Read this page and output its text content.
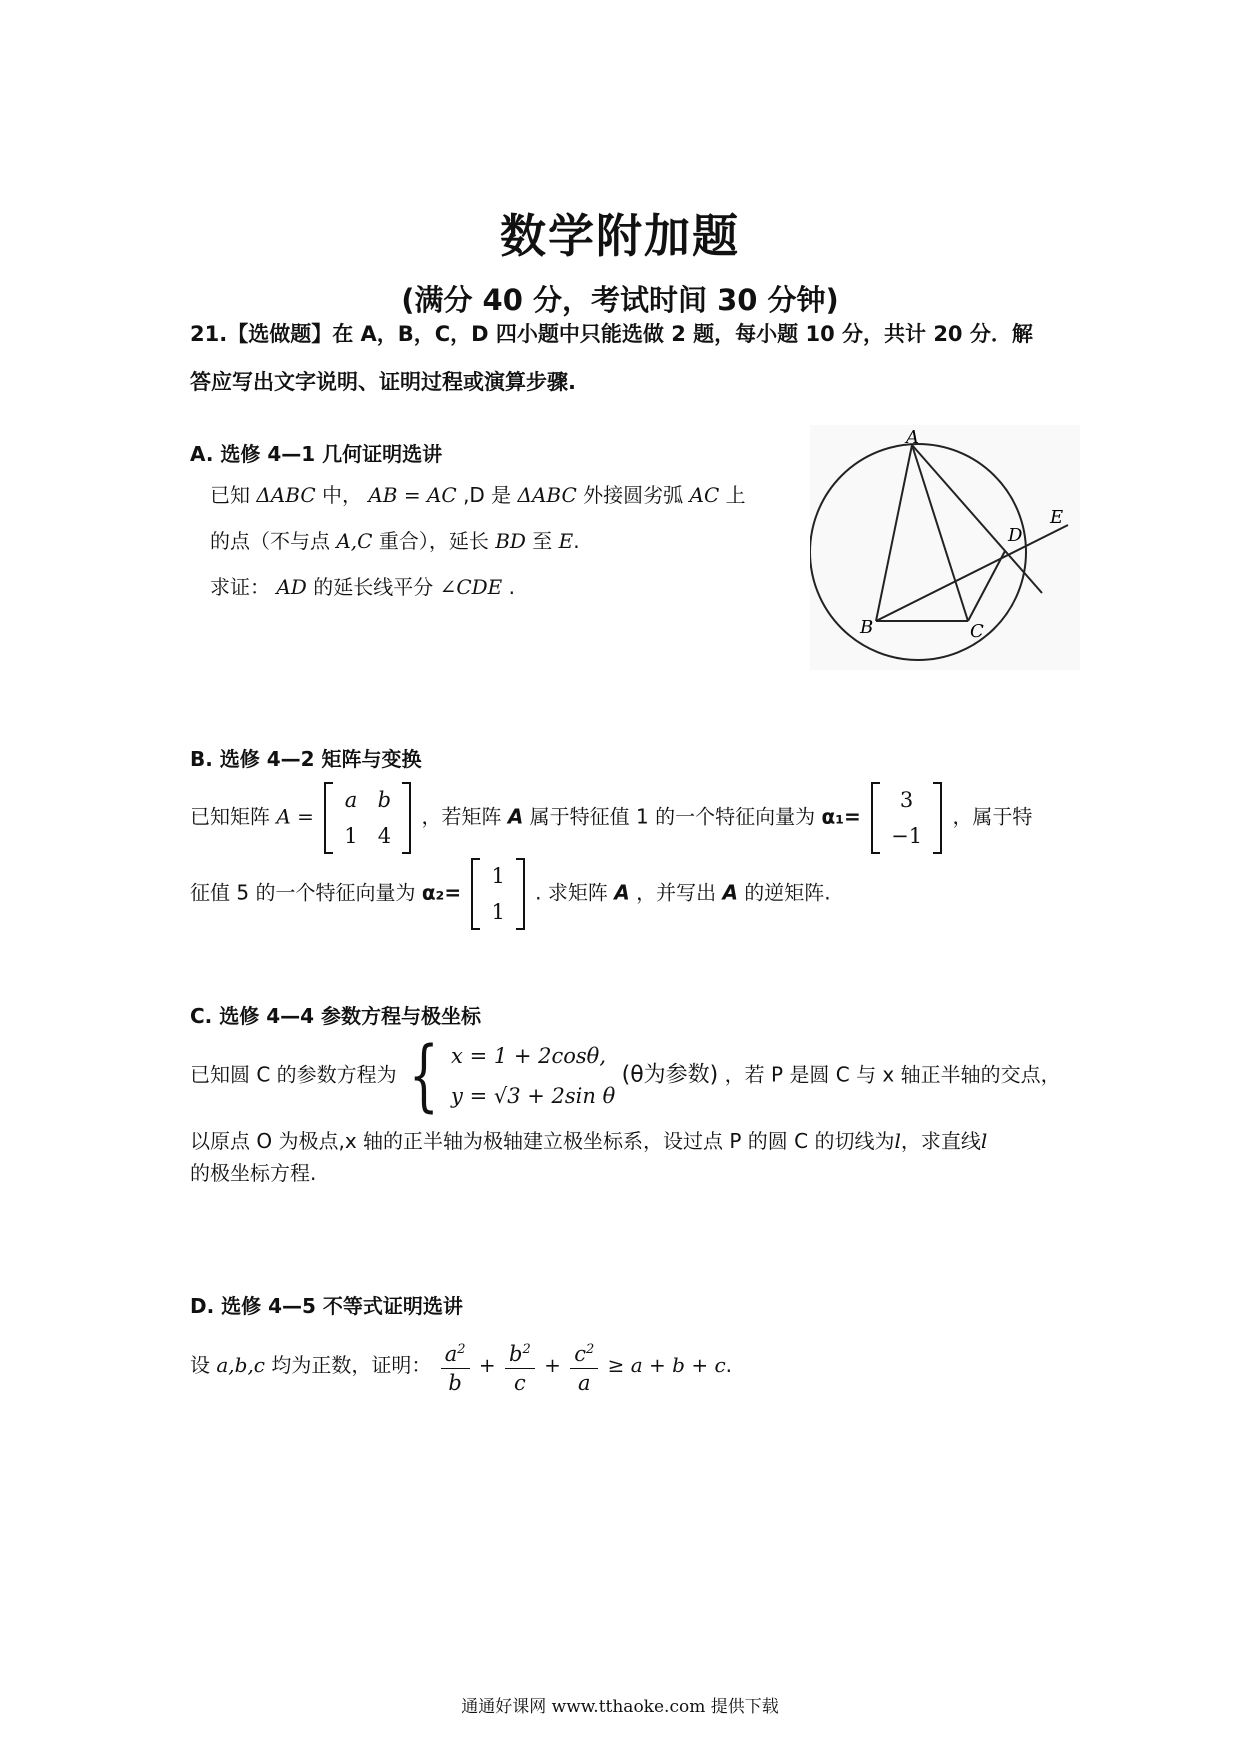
数学附加题
(满分 40 分，考试时间 30 分钟)
21.【选做题】在 A，B，C，D 四小题中只能选做 2 题，每小题 10 分，共计 20 分．解
答应写出文字说明、证明过程或演算步骤.
A. 选修 4—1 几何证明选讲
已知 ΔABC 中， AB = AC ,D 是 ΔABC 外接圆劣弧 AC 上
的点（不与点 A,C 重合），延长 BD 至 E.
求证： AD 的延长线平分 ∠CDE .
A
B	C
D
E
B. 选修 4—2 矩阵与变换
已知矩阵 A =
a	b
1	4
，若矩阵 A 属于特征值 1 的一个特征向量为 α₁=
3
−1
，属于特
征值 5 的一个特征向量为 α₂=
1
1
. 求矩阵 A ，并写出 A 的逆矩阵.
C. 选修 4—4 参数方程与极坐标
已知圆 C 的参数方程为 { x = 1 + 2cosθ,
y = √3 + 2sin θ
(θ为参数) ，若 P 是圆 C 与 x 轴正半轴的交点，
以原点 O 为极点,x 轴的正半轴为极轴建立极坐标系，设过点 P 的圆 C 的切线为l，求直线l
的极坐标方程.
D. 选修 4—5 不等式证明选讲
设 a,b,c 均为正数，证明： $\frac{a^2}{b} + \frac{b^2}{c} + \frac{c^2}{a} \ge a + b + c$.
通通好课网 www.tthaoke.com 提供下载
